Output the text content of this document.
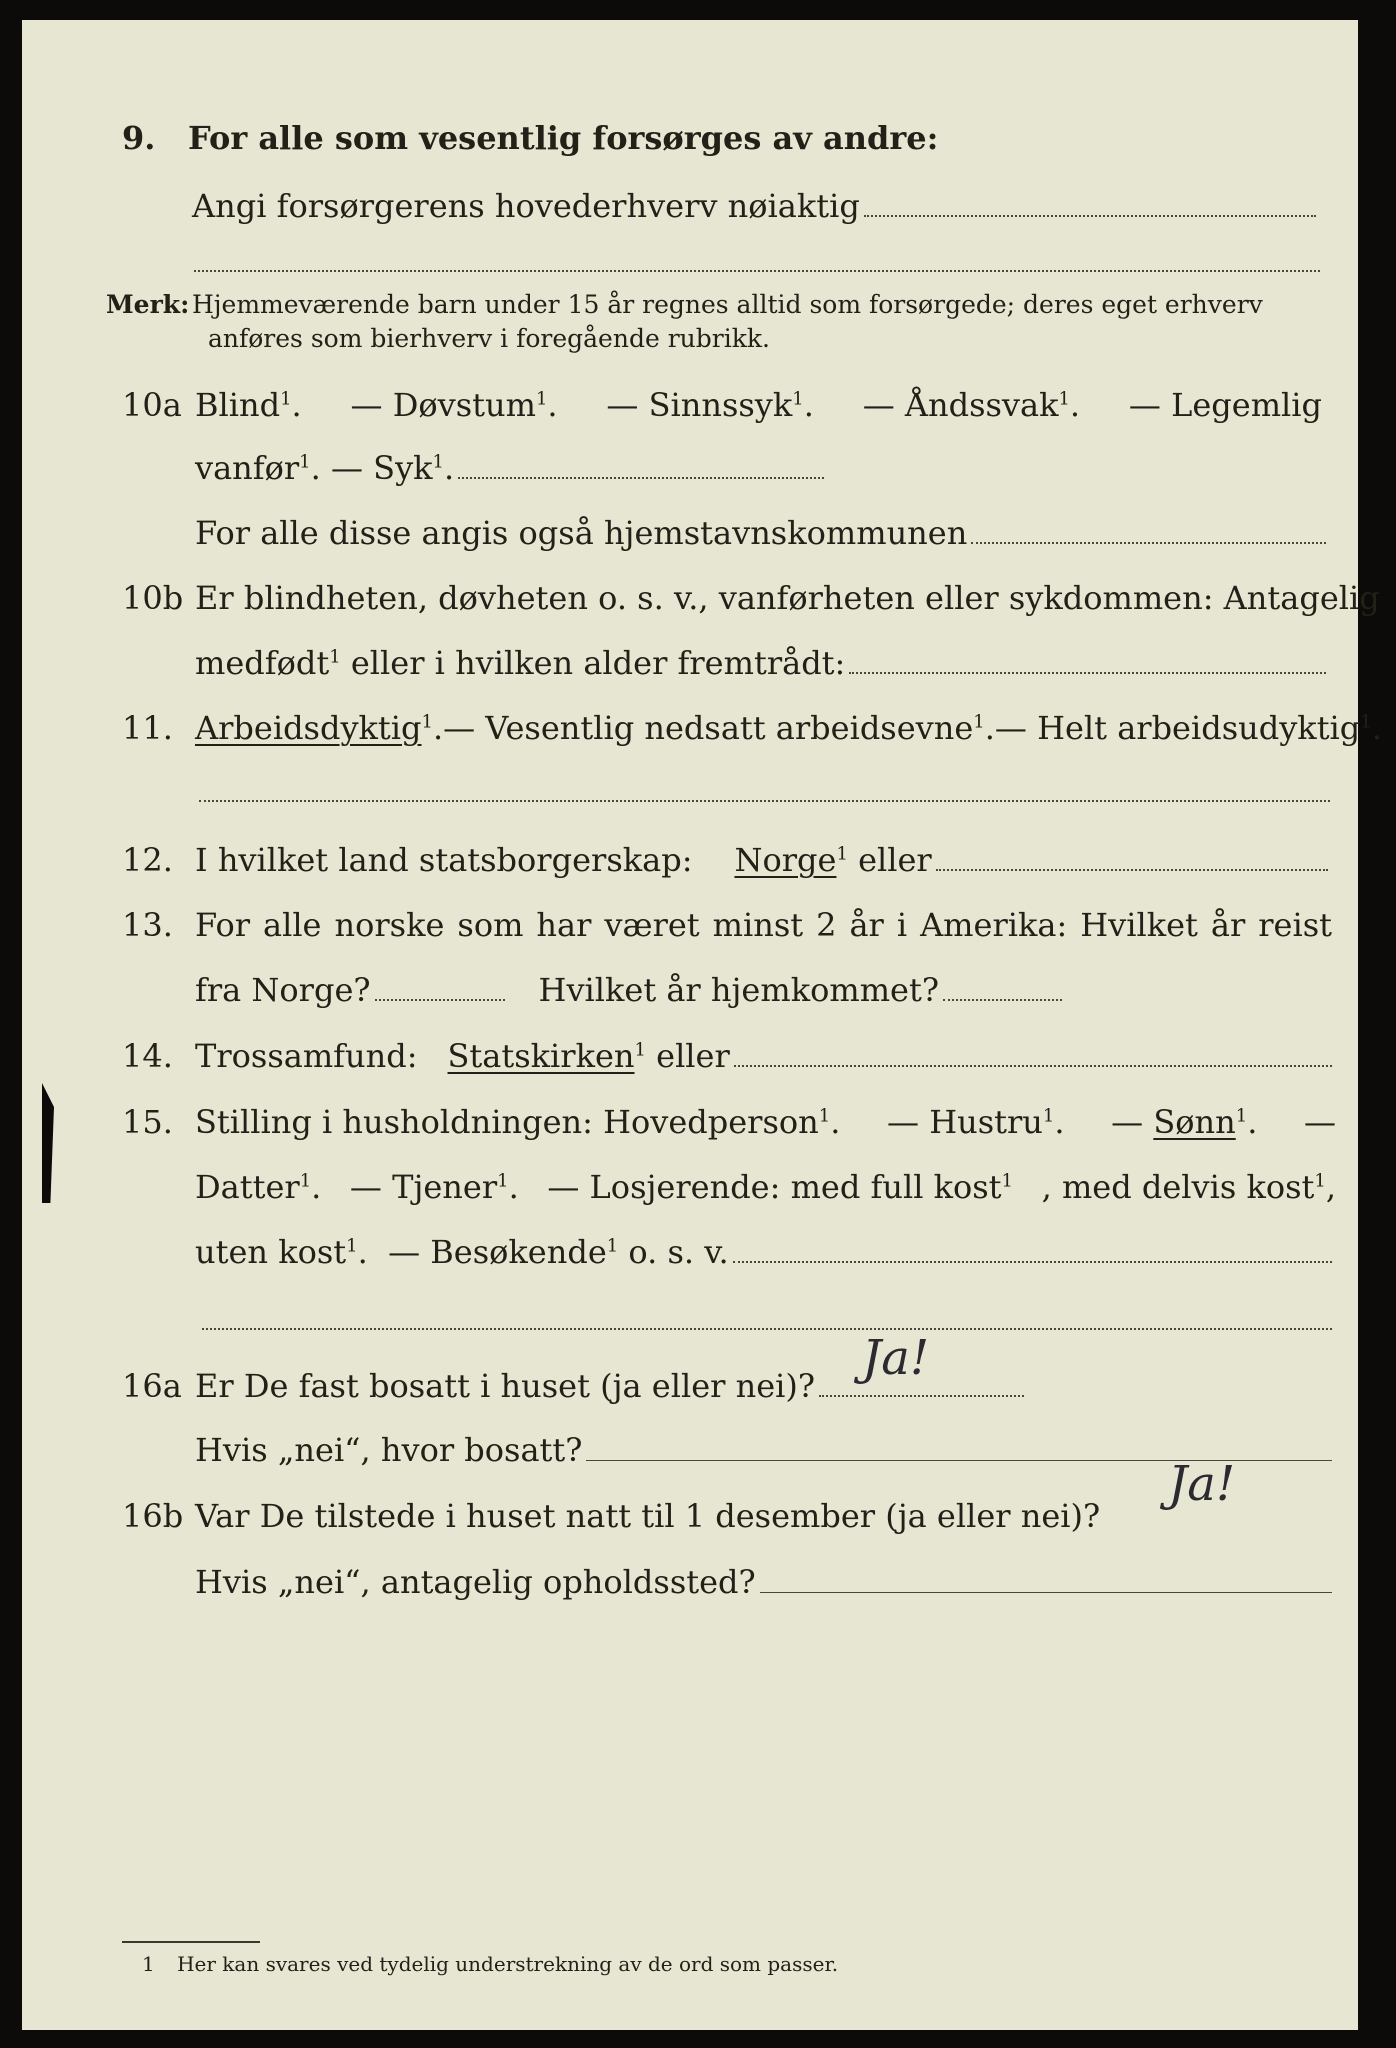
9. For alle som vesentlig forsørges av andre:
Angi forsørgerens hovederhverv nøiaktig
Merk: Hjemmeværende barn under 15 år regnes alltid som forsørgede; deres eget erhverv
anføres som bierhverv i foregående rubrikk.
10a Blind$^1$. — Døvstum$^1$. — Sinnssyk$^1$. — Åndssvak$^1$. — Legemlig
vanfør$^1$. — Syk$^1$.
For alle disse angis også hjemstavnskommunen
10b Er blindheten, døvheten o. s. v., vanførheten eller sykdommen: Antagelig
medfødt$^1$ eller i hvilken alder fremtrådt:
11. Arbeidsdyktig$^1$. — Vesentlig nedsatt arbeidsevne$^1$. — Helt arbeidsudyktig$^1$.
12. I hvilket land statsborgerskap: Norge$^1$ eller
13. For alle norske som har været minst 2 år i Amerika: Hvilket år reist
fra Norge?	Hvilket år hjemkommet?
14. Trossamfund: Statskirken$^1$ eller
15. Stilling i husholdningen: Hovedperson$^1$. — Hustru$^1$. — Sønn$^1$. —
Datter$^1$. — Tjener$^1$. — Losjerende: med full kost$^1$ , med delvis kost$^1$,
uten kost$^1$. — Besøkende$^1$ o. s. v.
16a Er De fast bosatt i huset (ja eller nei)? Ja!
Hvis „nei“, hvor bosatt?
16b Var De tilstede i huset natt til 1 desember (ja eller nei)?
Ja!
Hvis „nei“, antagelig opholdssted?
1 Her kan svares ved tydelig understrekning av de ord som passer.
